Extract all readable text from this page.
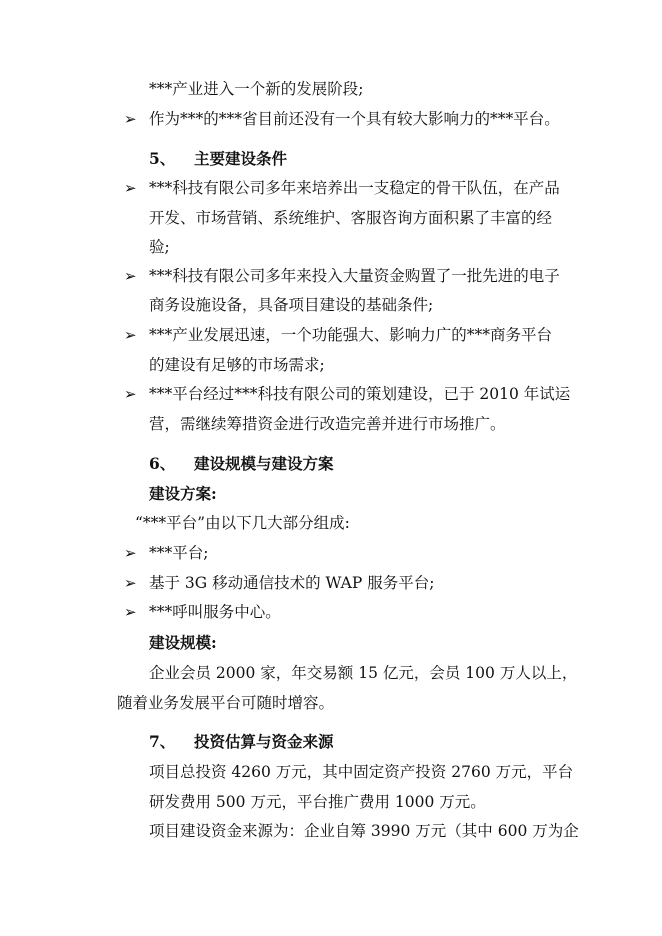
***产业进入一个新的发展阶段;

➢ 作为***的***省目前还没有一个具有较大影响力的***平台。

5、 主要建设条件

➢ ***科技有限公司多年来培养出一支稳定的骨干队伍，在产品

开发、市场营销、系统维护、客服咨询方面积累了丰富的经

验;

➢ ***科技有限公司多年来投入大量资金购置了一批先进的电子

商务设施设备，具备项目建设的基础条件;

➢ ***产业发展迅速，一个功能强大、影响力广的***商务平台

的建设有足够的市场需求;

➢ ***平台经过***科技有限公司的策划建设，已于 2010 年试运

营，需继续筹措资金进行改造完善并进行市场推广。

6、 建设规模与建设方案

建设方案:

“***平台”由以下几大部分组成:

➢ ***平台;

➢ 基于 3G 移动通信技术的 WAP 服务平台;

➢ ***呼叫服务中心。

建设规模:

企业会员 2000 家，年交易额 15 亿元，会员 100 万人以上，

随着业务发展平台可随时增容。

7、 投资估算与资金来源

项目总投资 4260 万元，其中固定资产投资 2760 万元，平台

研发费用 500 万元，平台推广费用 1000 万元。

项目建设资金来源为：企业自筹 3990 万元（其中 600 万为企
